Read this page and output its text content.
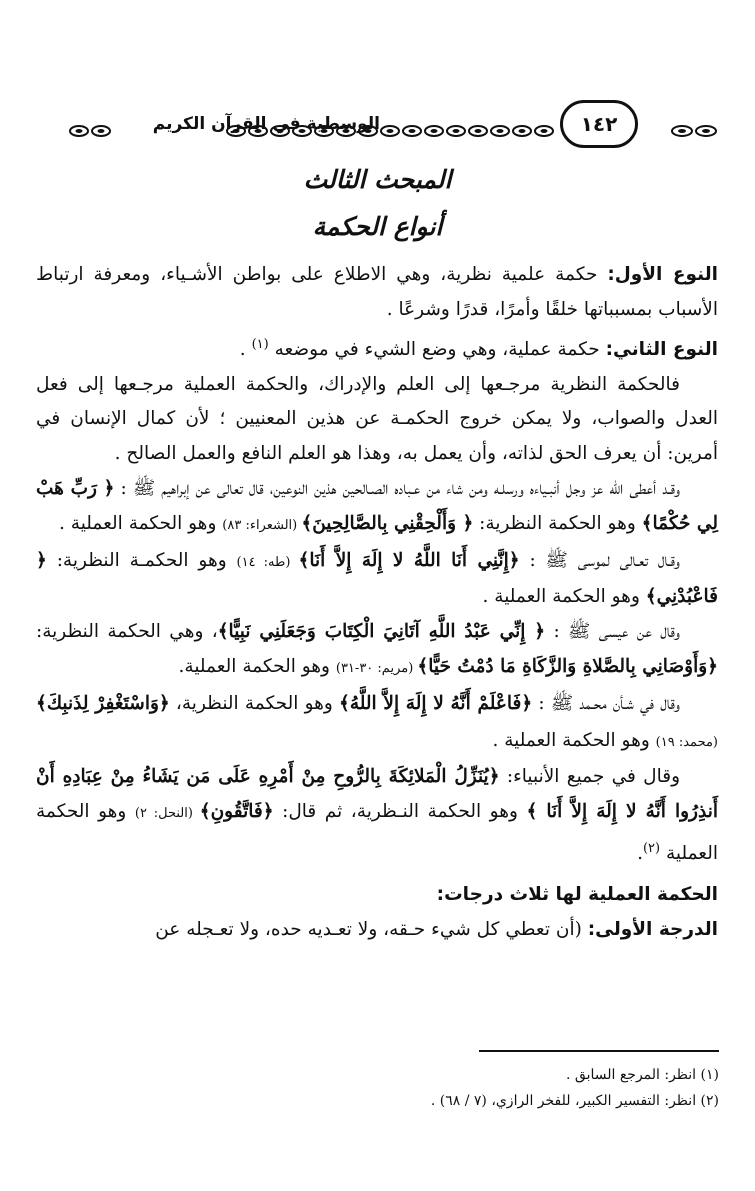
١٤٢
الوسطية في القرآن الكريم
المبحث الثالث
أنواع الحكمة

النوع الأول: حكمة علمية نظرية، وهي الاطلاع على بواطن الأشـياء، ومعرفة ارتباط الأسباب بمسبباتها خلقًا وأمرًا، قدرًا وشرعًا .

النوع الثاني: حكمة عملية، وهي وضع الشيء في موضعه $^{(١)}$ .

فالحكمة النظرية مرجـعها إلى العلم والإدراك، والحكمة العملية مرجـعها إلى فعل العدل والصواب، ولا يمكن خروج الحكمـة عن هذين المعنيين ؛ لأن كمال الإنسان في أمرين: أن يعرف الحق لذاته، وأن يعمل به، وهذا هو العلم النافع والعمل الصالح .

وقـد أعطى الله عز وجل أنبـياءه ورسلـه ومن شاء من عـباده الصـالحين هذين النوعين، قال تعالى عن إبراهيم ﷺ : ﴿ رَبِّ هَبْ لِي حُكْمًا﴾ وهو الحكمة النظرية: ﴿ وَأَلْحِقْنِي بِالصَّالِحِينَ﴾ (الشعراء: ٨٣) وهو الحكمة العملية .

وقـال تعـالى لموسى ﷺ : ﴿إِنَّنِي أَنَا اللَّهُ لا إِلَهَ إِلاَّ أَنَا﴾ (طه: ١٤) وهو الحكمـة النظرية: ﴿ فَاعْبُدْنِي﴾ وهو الحكمة العملية .

وقال عن عيسى ﷺ : ﴿ إِنِّي عَبْدُ اللَّهِ آتَانِيَ الْكِتَابَ وَجَعَلَنِي نَبِيًّا﴾، وهي الحكمة النظرية: ﴿وَأَوْصَانِي بِالصَّلاةِ وَالزَّكَاةِ مَا دُمْتُ حَيًّا﴾ (مريم: ٣٠-٣١) وهو الحكمة العملية.

وقال في شـأن محـمد ﷺ : ﴿فَاعْلَمْ أَنَّهُ لا إِلَهَ إِلاَّ اللَّهُ﴾ وهو الحكمة النظرية، ﴿وَاسْتَغْفِرْ لِذَنبِكَ﴾ (محمد: ١٩) وهو الحكمة العملية .

وقال في جميع الأنبياء: ﴿يُنَزِّلُ الْمَلائِكَةَ بِالرُّوحِ مِنْ أَمْرِهِ عَلَى مَن يَشَاءُ مِنْ عِبَادِهِ أَنْ أَنذِرُوا أَنَّهُ لا إِلَهَ إِلاَّ أَنَا ﴾ وهو الحكمة النـظرية، ثم قال: ﴿فَاتَّقُونِ﴾ (النحل: ٢) وهو الحكمة العملية $^{(٢)}$.

الحكمة العملية لها ثلاث درجات:

الدرجة الأولى: (أن تعطي كل شيء حـقه، ولا تعـديه حده، ولا تعـجله عن

(١) انظر: المرجع السابق .
(٢) انظر: التفسير الكبير، للفخر الرازي، (٧ / ٦٨) .
